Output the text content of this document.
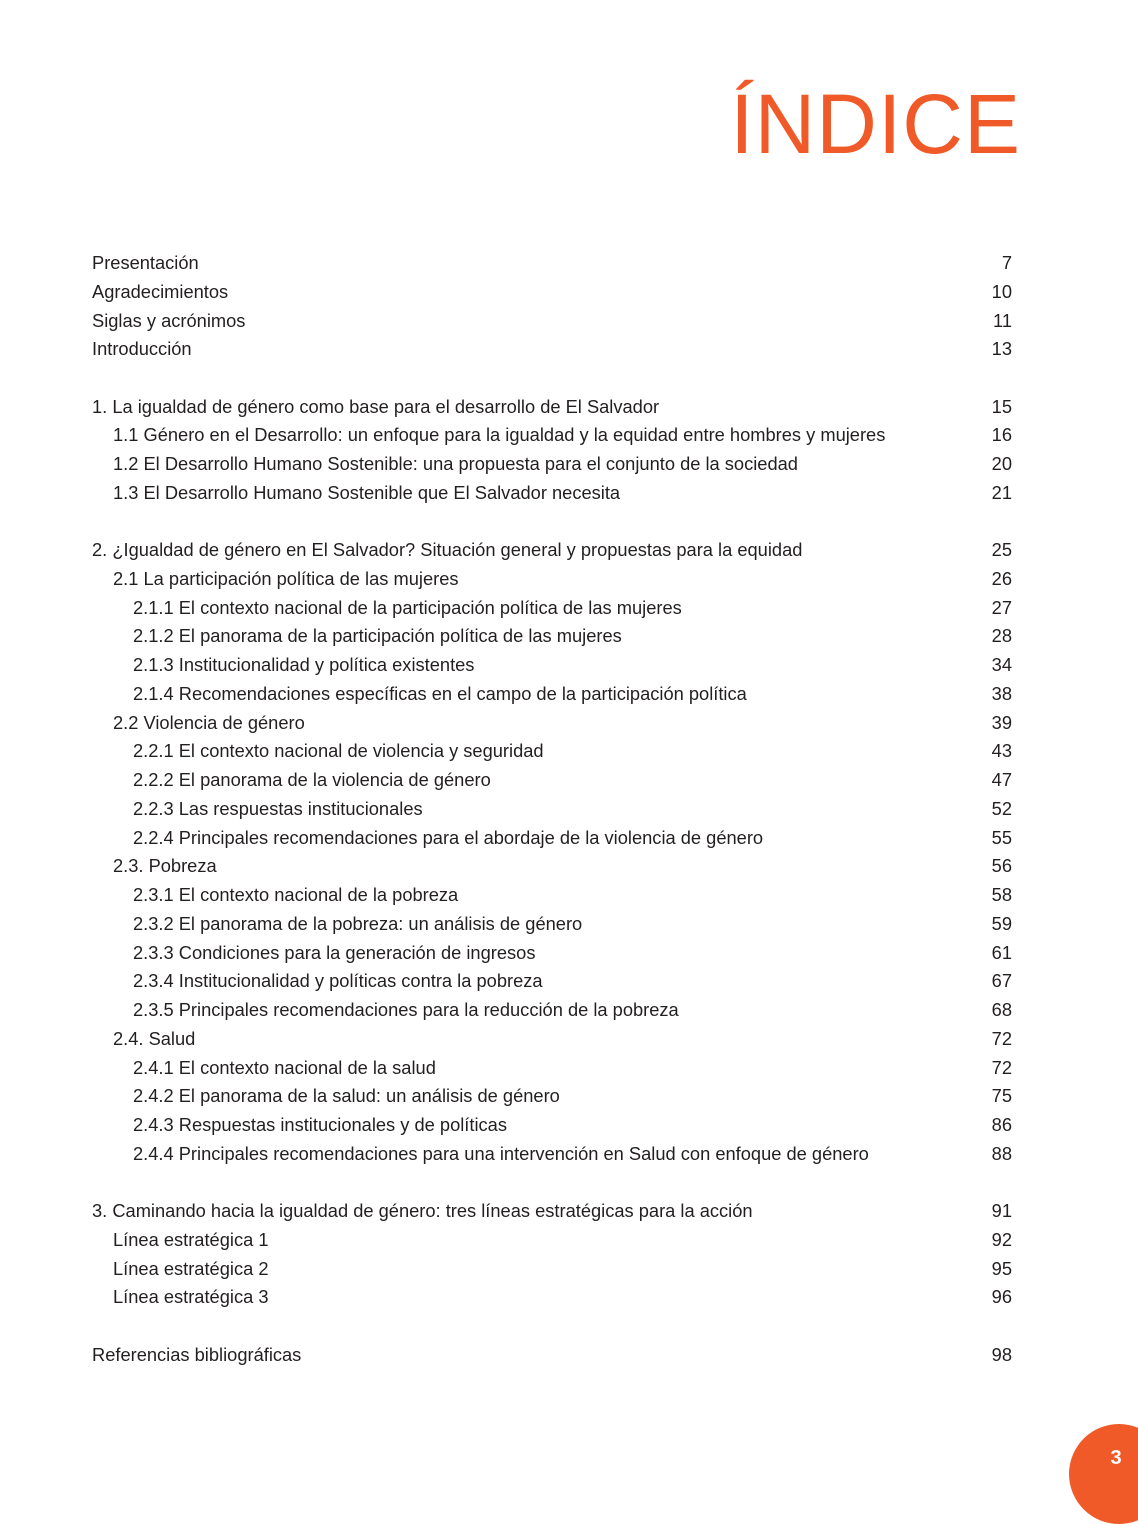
ÍNDICE
Presentación	7
Agradecimientos	10
Siglas y acrónimos	11
Introducción	13
1. La igualdad de género como base para el desarrollo de El Salvador	15
1.1 Género en el Desarrollo: un enfoque para la igualdad y la equidad entre hombres y mujeres	16
1.2 El Desarrollo Humano Sostenible: una propuesta para el conjunto de la sociedad	20
1.3 El Desarrollo Humano Sostenible que El Salvador necesita	21
2. ¿Igualdad de género en El Salvador? Situación general y propuestas para la equidad	25
2.1 La participación política de las mujeres	26
2.1.1 El contexto nacional de la participación política de las mujeres	27
2.1.2 El panorama de la participación política de las mujeres	28
2.1.3 Institucionalidad y política existentes	34
2.1.4 Recomendaciones específicas en el campo de la participación política	38
2.2 Violencia de género	39
2.2.1 El contexto nacional de violencia y seguridad	43
2.2.2 El panorama de la violencia de género	47
2.2.3 Las respuestas institucionales	52
2.2.4 Principales recomendaciones para el abordaje de la violencia de género	55
2.3. Pobreza	56
2.3.1 El contexto nacional de la pobreza	58
2.3.2 El panorama de la pobreza: un análisis de género	59
2.3.3 Condiciones para la generación de ingresos	61
2.3.4 Institucionalidad y políticas contra la pobreza	67
2.3.5 Principales recomendaciones para la reducción de la pobreza	68
2.4. Salud	72
2.4.1 El contexto nacional de la salud	72
2.4.2 El panorama de la salud: un análisis de género	75
2.4.3 Respuestas institucionales y de políticas	86
2.4.4 Principales recomendaciones para una intervención en Salud con enfoque de género	88
3. Caminando hacia la igualdad de género: tres líneas estratégicas para la acción	91
Línea estratégica 1	92
Línea estratégica 2	95
Línea estratégica 3	96
Referencias bibliográficas	98
3
